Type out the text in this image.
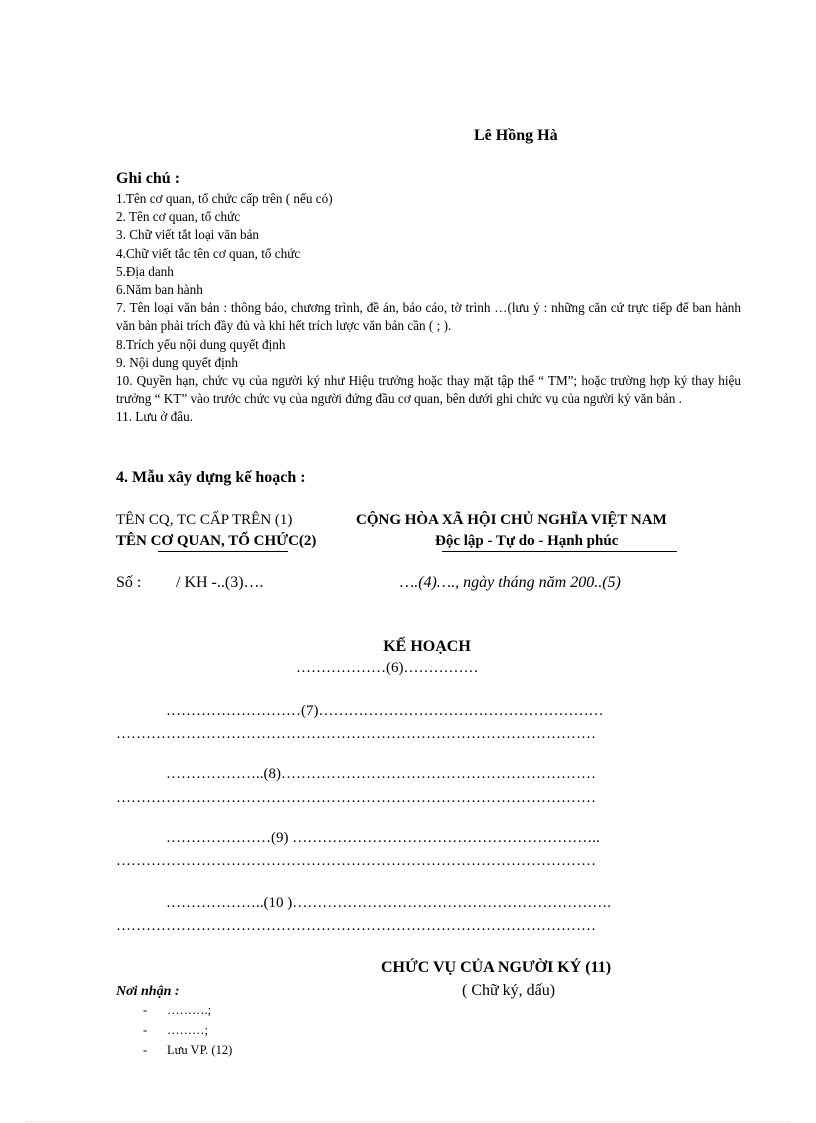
Lê Hồng Hà
Ghi chú :
1.Tên cơ quan, tổ chức cấp trên ( nếu có)
2. Tên cơ quan, tổ chức
3. Chữ viết tắt loại văn bản
4.Chữ viết tắc tên cơ quan, tổ chức
5.Địa danh
6.Năm ban hành
7. Tên loại văn bản : thông báo, chương trình, đề án, báo cáo, tờ trình …(lưu ý : những căn cứ trực tiếp để ban hành văn bản phải trích đầy đủ và khi hết trích lược văn bản cần ( ; ).
8.Trích yếu nội dung quyết định
9. Nội dung quyết định
10. Quyền hạn, chức vụ của người ký như Hiệu trưởng hoặc thay mặt tập thể “ TM”; hoặc trường hợp ký thay hiệu trưởng “ KT” vào trước chức vụ của người đứng đầu cơ quan, bên dưới ghi chức vụ của người ký văn bản .
11. Lưu ở đâu.
4. Mẫu xây dựng kế hoạch :
TÊN CQ, TC CẤP TRÊN (1)
TÊN CƠ QUAN, TỔ CHỨC(2)
CỘNG HÒA XÃ HỘI CHỦ NGHĨA VIỆT NAM
Độc lập - Tự do - Hạnh phúc
Số : / KH -..(3)….	….(4)…., ngày tháng năm 200..(5)
KẾ HOẠCH
………………(6)……………
………………………(7)…………………………………………………
……………………………………………………………………………………
………………..(8)………………………………………………………
……………………………………………………………………………………
…………………(9) ……………………………………………………..
……………………………………………………………………………………
………………..(10 )……………………………………………………….
……………………………………………………………………………………
CHỨC VỤ CỦA NGƯỜI KÝ (11)
( Chữ ký, dấu)
Nơi nhận :
- ……….;
- ………;
- Lưu VP. (12)
